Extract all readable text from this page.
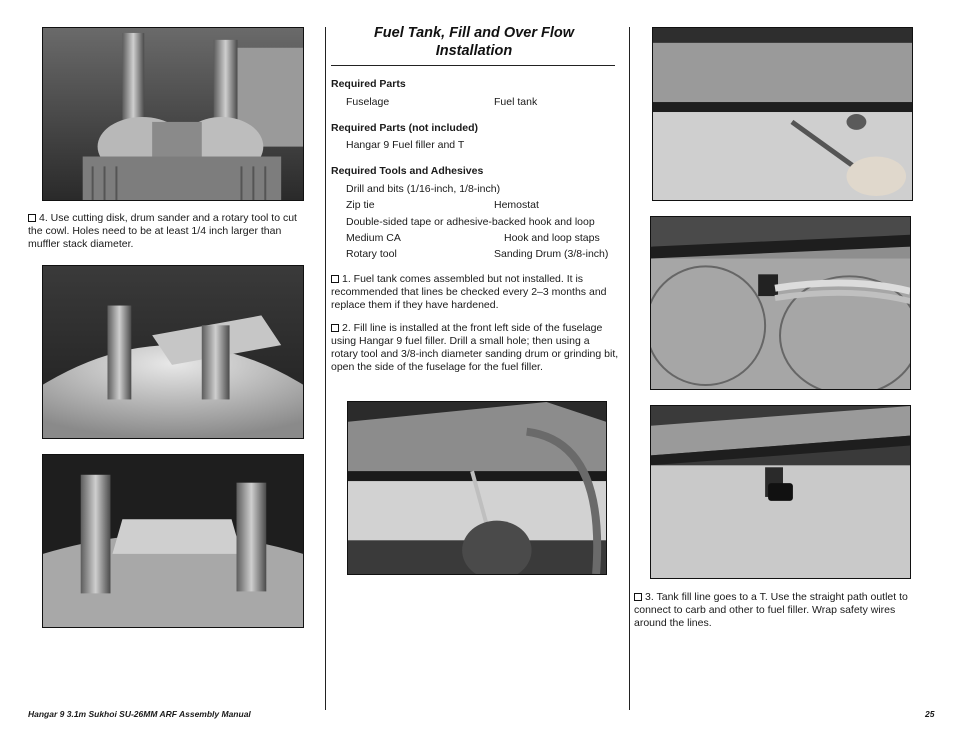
4. Use cutting disk, drum sander and a rotary tool to cut the cowl. Holes need to be at least 1/4 inch larger than muffler stack diameter.
Fuel Tank, Fill and Over Flow
Installation
Required Parts
Fuselage	Fuel tank
Required Parts (not included)
Hangar 9 Fuel filler and T
Required Tools and Adhesives
Drill and bits (1/16-inch, 1/8-inch)
Zip tie	Hemostat
Double-sided tape or adhesive-backed hook and loop
Medium CA	Hook and loop staps
Rotary tool	Sanding Drum (3/8-inch)
1. Fuel tank comes assembled but not installed. It is recommended that lines be checked every 2–3 months and replace them if they have hardened.
2. Fill line is installed at the front left side of the fuselage using Hangar 9 fuel filler. Drill a small hole; then using a rotary tool and 3/8-inch diameter sanding drum or grinding bit, open the side of the fuselage for the fuel filler.
3. Tank fill line goes to a T. Use the straight path outlet to connect to carb and other to fuel filler. Wrap safety wires around the lines.
Hangar 9 3.1m Sukhoi SU-26MM ARF Assembly Manual	25
